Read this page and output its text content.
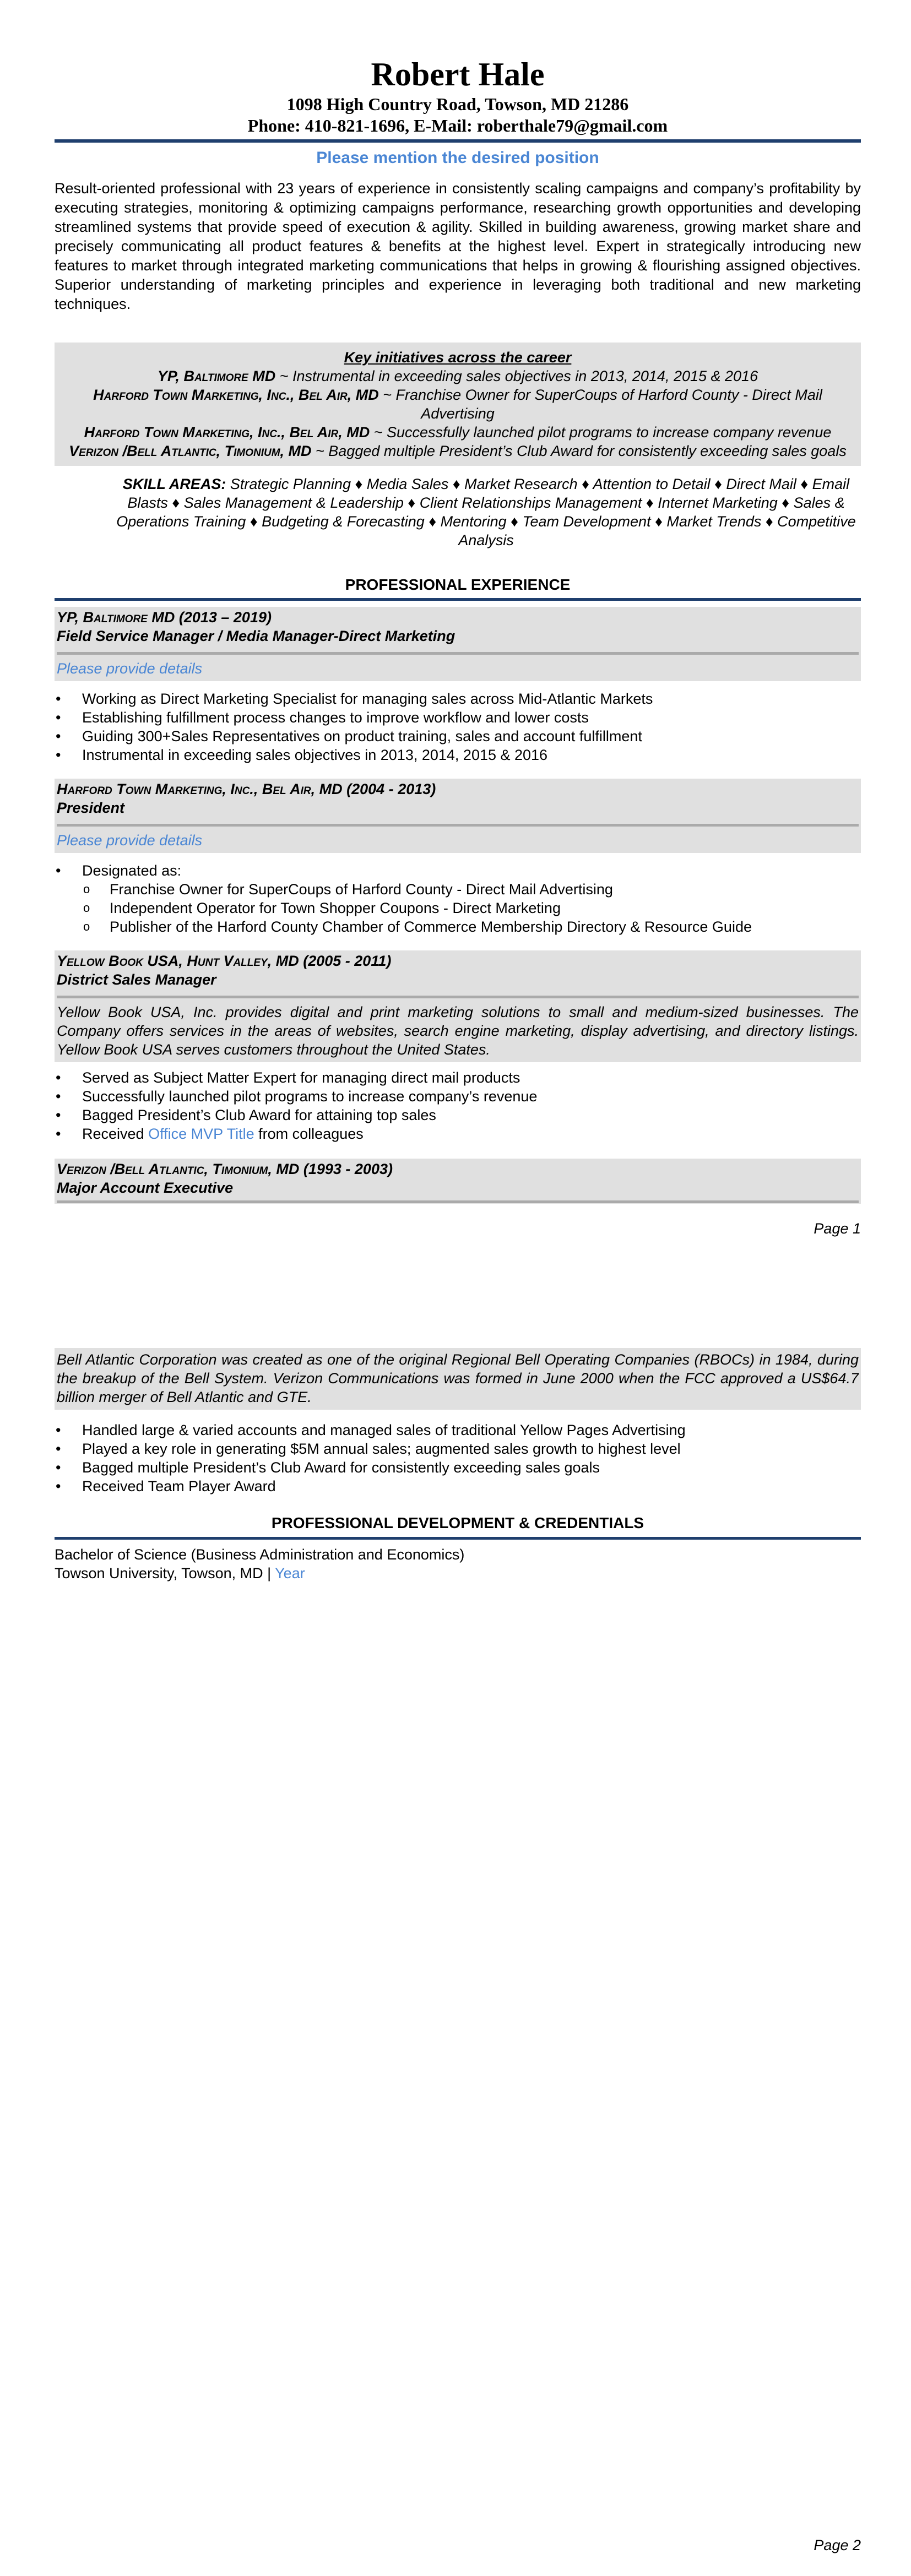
Robert Hale
1098 High Country Road, Towson, MD 21286
Phone: 410-821-1696, E-Mail: roberthale79@gmail.com
Please mention the desired position
Result-oriented professional with 23 years of experience in consistently scaling campaigns and company’s profitability by executing strategies, monitoring & optimizing campaigns performance, researching growth opportunities and developing streamlined systems that provide speed of execution & agility. Skilled in building awareness, growing market share and precisely communicating all product features & benefits at the highest level. Expert in strategically introducing new features to market through integrated marketing communications that helps in growing & flourishing assigned objectives. Superior understanding of marketing principles and experience in leveraging both traditional and new marketing techniques.
Key initiatives across the career
YP, Baltimore MD ~ Instrumental in exceeding sales objectives in 2013, 2014, 2015 & 2016
Harford Town Marketing, Inc., Bel Air, MD ~ Franchise Owner for SuperCoups of Harford County - Direct Mail Advertising
Harford Town Marketing, Inc., Bel Air, MD ~ Successfully launched pilot programs to increase company revenue
Verizon /Bell Atlantic, Timonium, MD ~ Bagged multiple President’s Club Award for consistently exceeding sales goals
SKILL AREAS: Strategic Planning ♦ Media Sales ♦ Market Research ♦ Attention to Detail ♦ Direct Mail ♦ Email Blasts ♦ Sales Management & Leadership ♦ Client Relationships Management ♦ Internet Marketing ♦ Sales & Operations Training ♦ Budgeting & Forecasting ♦ Mentoring ♦ Team Development ♦ Market Trends ♦ Competitive Analysis
PROFESSIONAL EXPERIENCE
YP, Baltimore MD (2013 – 2019)
Field Service Manager / Media Manager-Direct Marketing
Please provide details
• Working as Direct Marketing Specialist for managing sales across Mid-Atlantic Markets
• Establishing fulfillment process changes to improve workflow and lower costs
• Guiding 300+Sales Representatives on product training, sales and account fulfillment
• Instrumental in exceeding sales objectives in 2013, 2014, 2015 & 2016
Harford Town Marketing, Inc., Bel Air, MD (2004 - 2013)
President
Please provide details
• Designated as:
o Franchise Owner for SuperCoups of Harford County - Direct Mail Advertising
o Independent Operator for Town Shopper Coupons - Direct Marketing
o Publisher of the Harford County Chamber of Commerce Membership Directory & Resource Guide
Yellow Book USA, Hunt Valley, MD (2005 - 2011)
District Sales Manager
Yellow Book USA, Inc. provides digital and print marketing solutions to small and medium-sized businesses. The Company offers services in the areas of websites, search engine marketing, display advertising, and directory listings. Yellow Book USA serves customers throughout the United States.
• Served as Subject Matter Expert for managing direct mail products
• Successfully launched pilot programs to increase company’s revenue
• Bagged President’s Club Award for attaining top sales
• Received Office MVP Title from colleagues
Verizon /Bell Atlantic, Timonium, MD (1993 - 2003)
Major Account Executive
Page 1
Bell Atlantic Corporation was created as one of the original Regional Bell Operating Companies (RBOCs) in 1984, during the breakup of the Bell System. Verizon Communications was formed in June 2000 when the FCC approved a US$64.7 billion merger of Bell Atlantic and GTE.
• Handled large & varied accounts and managed sales of traditional Yellow Pages Advertising
• Played a key role in generating $5M annual sales; augmented sales growth to highest level
• Bagged multiple President’s Club Award for consistently exceeding sales goals
• Received Team Player Award
PROFESSIONAL DEVELOPMENT & CREDENTIALS
Bachelor of Science (Business Administration and Economics)
Towson University, Towson, MD | Year
Page 2
